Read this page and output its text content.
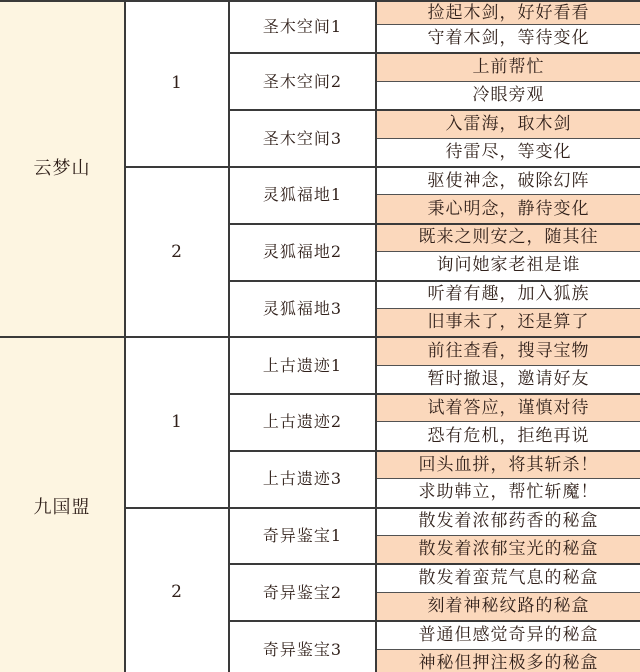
云梦山
九国盟
1
2
1
2
圣木空间1
圣木空间2
圣木空间3
灵狐福地1
灵狐福地2
灵狐福地3
上古遗迹1
上古遗迹2
上古遗迹3
奇异鉴宝1
奇异鉴宝2
奇异鉴宝3
捡起木剑，好好看看
守着木剑，等待变化
上前帮忙
冷眼旁观
入雷海，取木剑
待雷尽，等变化
驱使神念，破除幻阵
秉心明念，静待变化
既来之则安之，随其往
询问她家老祖是谁
听着有趣，加入狐族
旧事未了，还是算了
前往查看，搜寻宝物
暂时撤退，邀请好友
试着答应，谨慎对待
恐有危机，拒绝再说
回头血拼，将其斩杀！
求助韩立，帮忙斩魔！
散发着浓郁药香的秘盒
散发着浓郁宝光的秘盒
散发着蛮荒气息的秘盒
刻着神秘纹路的秘盒
普通但感觉奇异的秘盒
神秘但押注极多的秘盒
